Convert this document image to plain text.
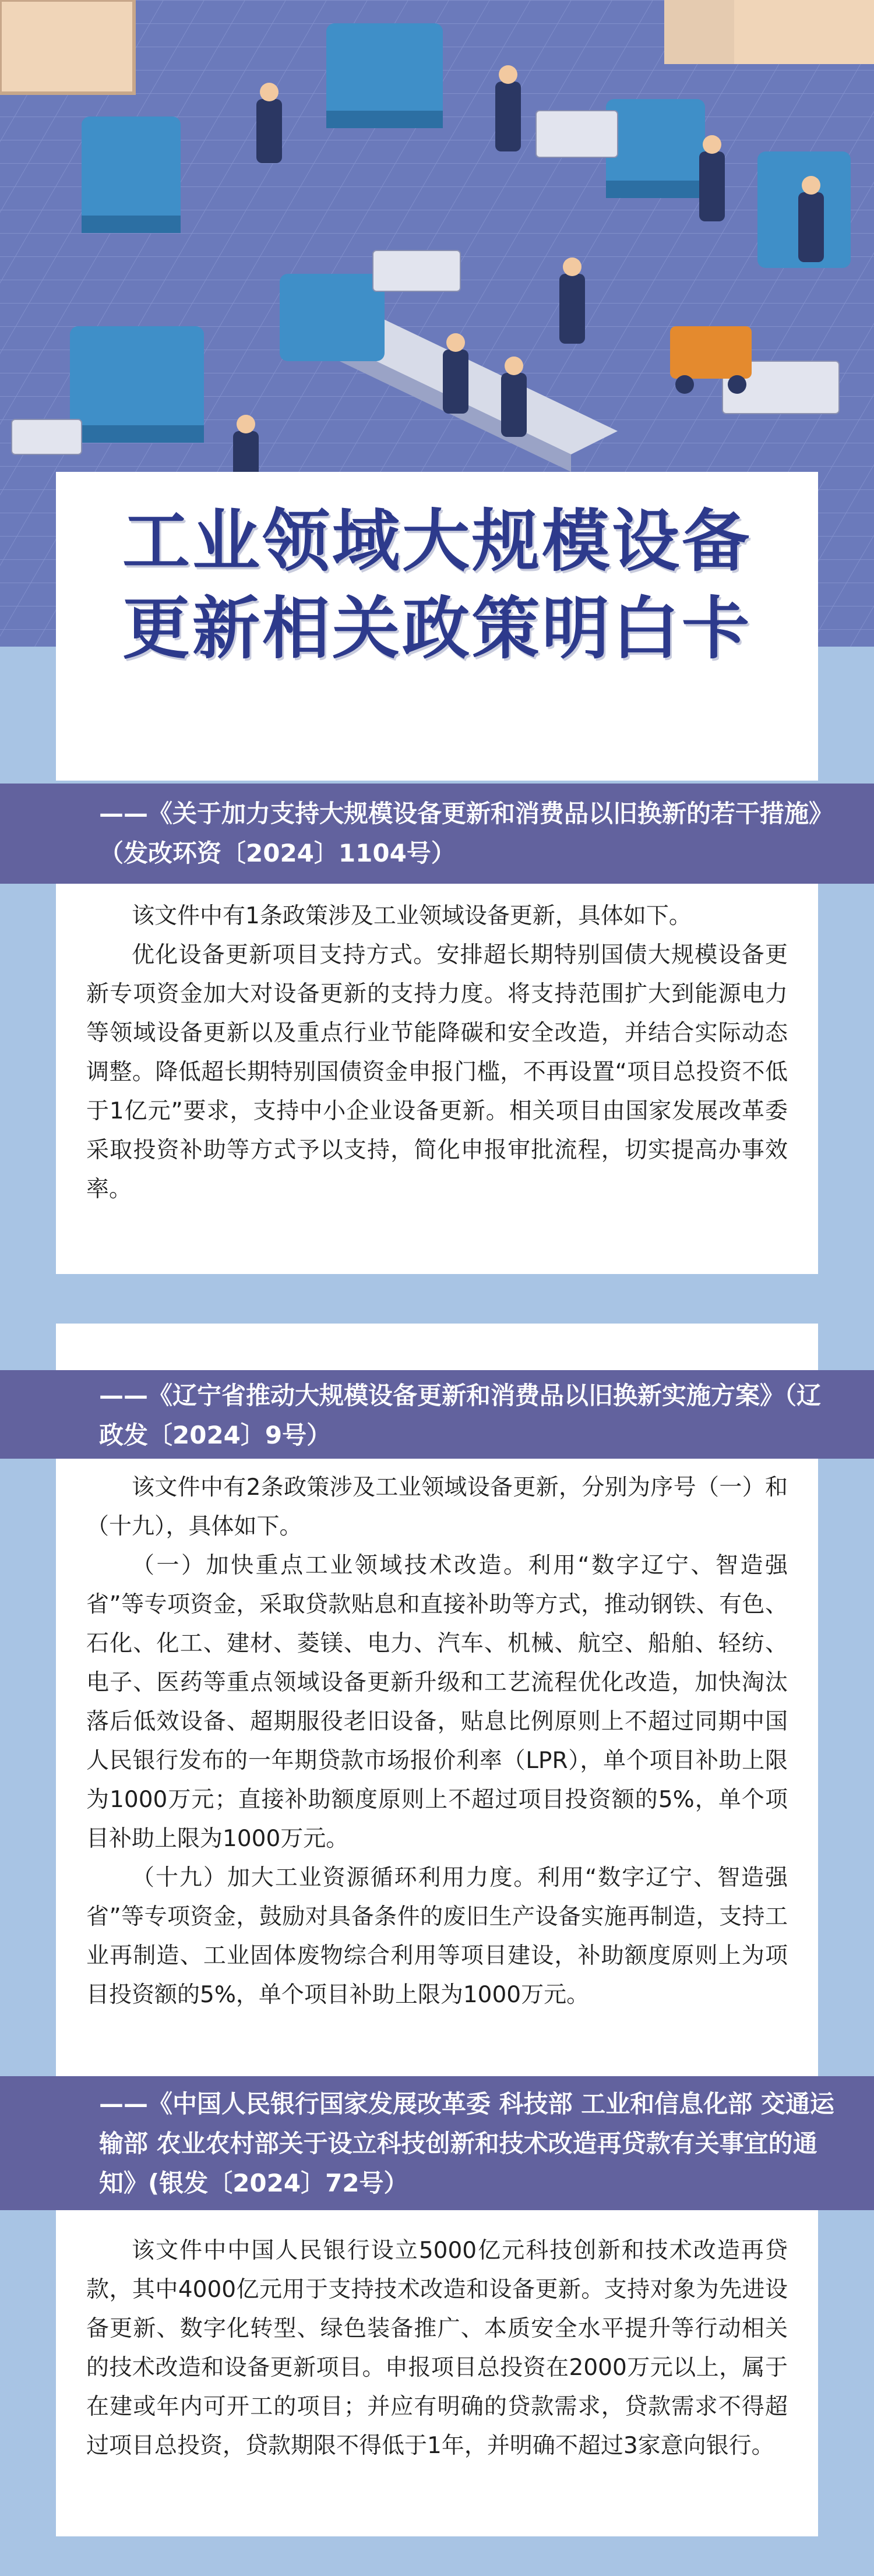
工业领域大规模设备
更新相关政策明白卡
——《关于加力支持大规模设备更新和消费品以旧换新的若干措施》（发改环资〔2024〕1104号）

该文件中有1条政策涉及工业领域设备更新，具体如下。

优化设备更新项目支持方式。安排超长期特别国债大规模设备更新专项资金加大对设备更新的支持力度。将支持范围扩大到能源电力等领域设备更新以及重点行业节能降碳和安全改造，并结合实际动态调整。降低超长期特别国债资金申报门槛，不再设置“项目总投资不低于1亿元”要求，支持中小企业设备更新。相关项目由国家发展改革委采取投资补助等方式予以支持，简化申报审批流程，切实提高办事效率。

——《辽宁省推动大规模设备更新和消费品以旧换新实施方案》（辽政发〔2024〕9号）

该文件中有2条政策涉及工业领域设备更新，分别为序号（一）和（十九），具体如下。

（一）加快重点工业领域技术改造。利用“数字辽宁、智造强省”等专项资金，采取贷款贴息和直接补助等方式，推动钢铁、有色、石化、化工、建材、菱镁、电力、汽车、机械、航空、船舶、轻纺、电子、医药等重点领域设备更新升级和工艺流程优化改造，加快淘汰落后低效设备、超期服役老旧设备，贴息比例原则上不超过同期中国人民银行发布的一年期贷款市场报价利率（LPR），单个项目补助上限为1000万元；直接补助额度原则上不超过项目投资额的5%，单个项目补助上限为1000万元。

（十九）加大工业资源循环利用力度。利用“数字辽宁、智造强省”等专项资金，鼓励对具备条件的废旧生产设备实施再制造，支持工业再制造、工业固体废物综合利用等项目建设，补助额度原则上为项目投资额的5%，单个项目补助上限为1000万元。

——《中国人民银行国家发展改革委 科技部 工业和信息化部 交通运输部 农业农村部关于设立科技创新和技术改造再贷款有关事宜的通知》(银发〔2024〕72号）

该文件中中国人民银行设立5000亿元科技创新和技术改造再贷款，其中4000亿元用于支持技术改造和设备更新。支持对象为先进设备更新、数字化转型、绿色装备推广、本质安全水平提升等行动相关的技术改造和设备更新项目。申报项目总投资在2000万元以上，属于在建或年内可开工的项目；并应有明确的贷款需求，贷款需求不得超过项目总投资，贷款期限不得低于1年，并明确不超过3家意向银行。
